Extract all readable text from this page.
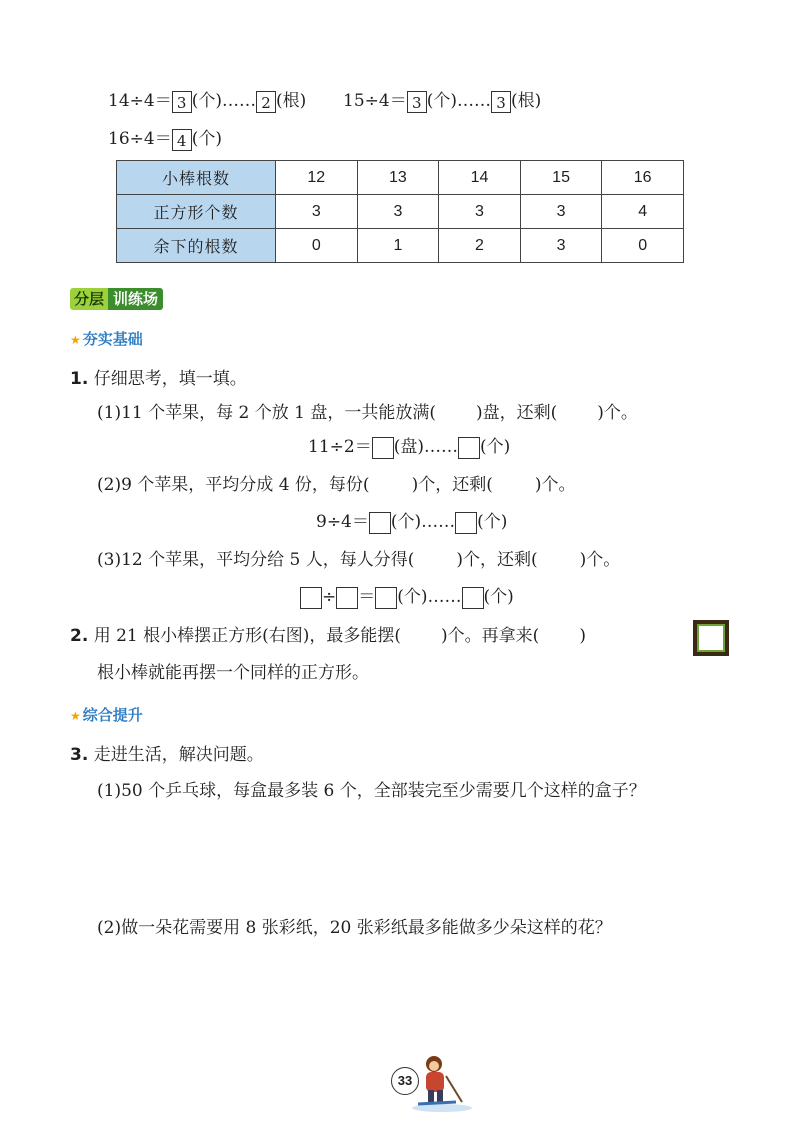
14÷4＝ 3 (个)…… 2 (根) 15÷4＝ 3 (个)…… 3 (根)
16÷4＝ 4 (个)
小棒根数	12	13	14	15	16
正方形个数	3	3	3	3	4
余下的根数	0	1	2	3	0
分层 训练场
★ 夯实基础
1. 仔细思考，填一填。
(1)11 个苹果，每 2 个放 1 盘，一共能放满( )盘，还剩( )个。
11÷2＝ (盘)…… (个)
(2)9 个苹果，平均分成 4 份，每份( )个，还剩( )个。
9÷4＝ (个)…… (个)
(3)12 个苹果，平均分给 5 人，每人分得( )个，还剩( )个。
÷ ＝ (个)…… (个)
2. 用 21 根小棒摆正方形(右图)，最多能摆( )个。再拿来( )
根小棒就能再摆一个同样的正方形。
★ 综合提升
3. 走进生活，解决问题。
(1)50 个乒乓球，每盒最多装 6 个，全部装完至少需要几个这样的盒子？
(2)做一朵花需要用 8 张彩纸，20 张彩纸最多能做多少朵这样的花？
33
